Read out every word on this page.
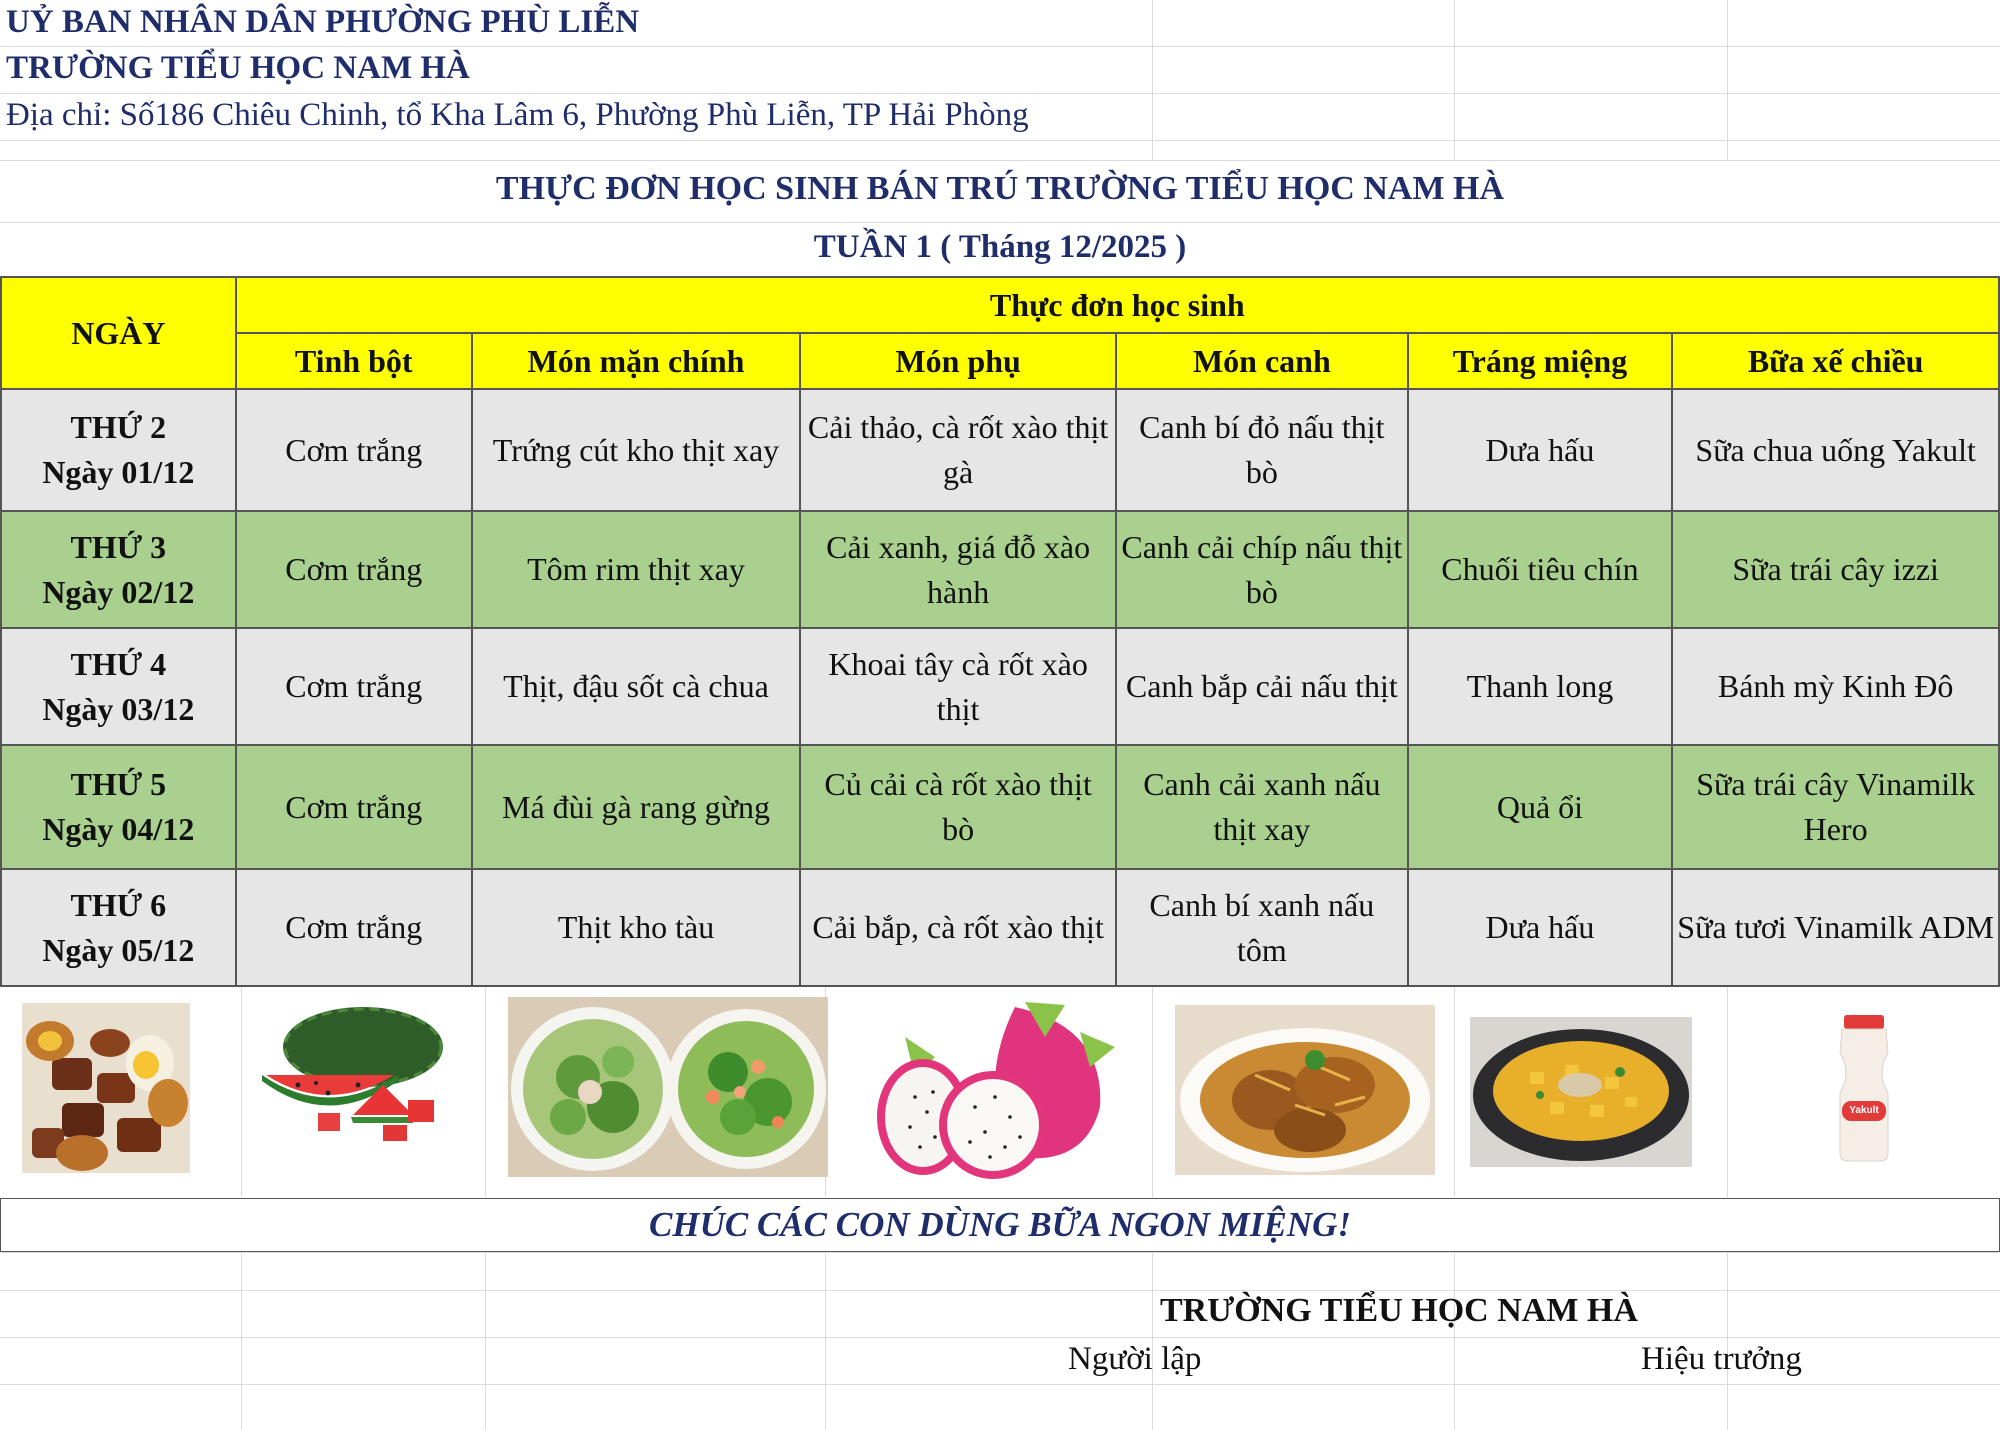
UỶ BAN NHÂN DÂN PHƯỜNG PHÙ LIỄN
TRƯỜNG TIỂU HỌC NAM HÀ
Địa chỉ: Số186 Chiêu Chinh, tổ Kha Lâm 6, Phường Phù Liễn, TP Hải Phòng
THỰC ĐƠN HỌC SINH BÁN TRÚ TRƯỜNG TIỂU HỌC NAM HÀ
TUẦN 1 ( Tháng 12/2025 )
NGÀY	Thực đơn học sinh					
	Tinh bột	Món mặn chính	Món phụ	Món canh	Tráng miệng	Bữa xế chiều

THỨ 2
Ngày 01/12	Cơm trắng	Trứng cút kho thịt xay	Cải thảo, cà rốt xào thịt gà	Canh bí đỏ nấu thịt bò	Dưa hấu	Sữa chua uống Yakult

THỨ 3
Ngày 02/12	Cơm trắng	Tôm rim thịt xay	Cải xanh, giá đỗ xào hành	Canh cải chíp nấu thịt bò	Chuối tiêu chín	Sữa trái cây izzi

THỨ 4
Ngày 03/12	Cơm trắng	Thịt, đậu sốt cà chua	Khoai tây cà rốt xào thịt	Canh bắp cải nấu thịt	Thanh long	Bánh mỳ Kinh Đô

THỨ 5
Ngày 04/12	Cơm trắng	Má đùi gà rang gừng	Củ cải cà rốt xào thịt bò	Canh cải xanh nấu thịt xay	Quả ổi	Sữa trái cây Vinamilk Hero

THỨ 6
Ngày 05/12	Cơm trắng	Thịt kho tàu	Cải bắp, cà rốt xào thịt	Canh bí xanh nấu tôm	Dưa hấu	Sữa tươi Vinamilk ADM
Yakult
CHÚC CÁC CON DÙNG BỮA NGON MIỆNG!
TRƯỜNG TIỂU HỌC NAM HÀ
Người lập	Hiệu trưởng
